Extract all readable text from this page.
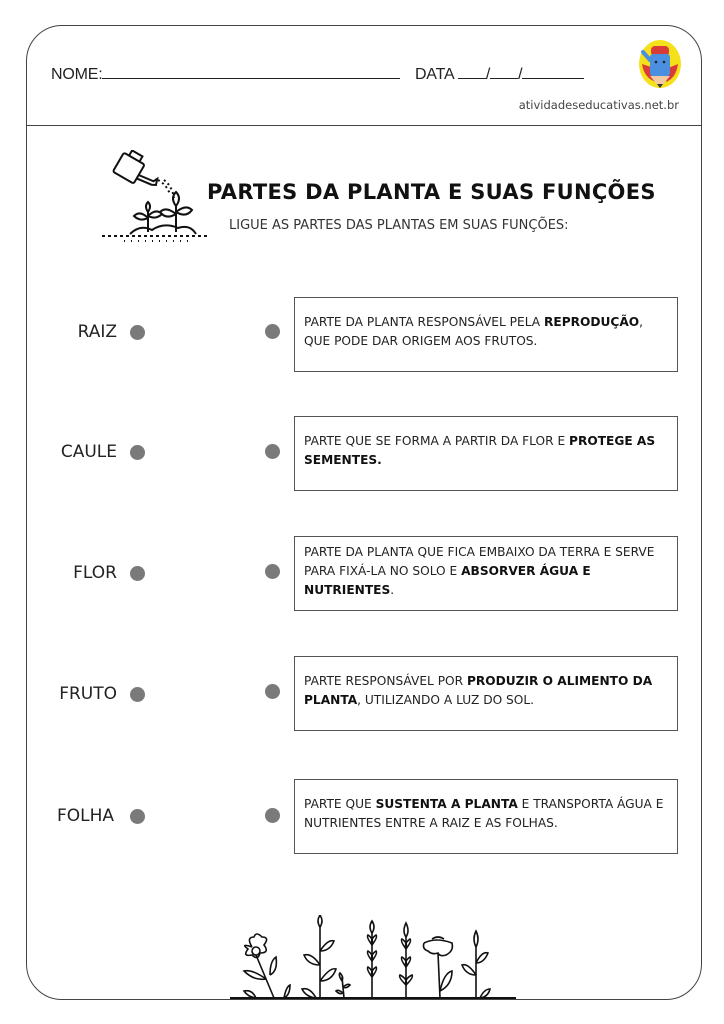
NOME:	DATA / /
atividadeseducativas.net.br
PARTES DA PLANTA E SUAS FUNÇÕES
LIGUE AS PARTES DAS PLANTAS EM SUAS FUNÇÕES:
RAIZ	PARTE DA PLANTA RESPONSÁVEL PELA REPRODUÇÃO, QUE PODE DAR ORIGEM AOS FRUTOS.
CAULE
PARTE QUE SE FORMA A PARTIR DA FLOR E PROTEGE AS SEMENTES.
FLOR
PARTE DA PLANTA QUE FICA EMBAIXO DA TERRA E SERVE PARA FIXÁ-LA NO SOLO E ABSORVER ÁGUA E NUTRIENTES.
FRUTO
PARTE RESPONSÁVEL POR PRODUZIR O ALIMENTO DA PLANTA, UTILIZANDO A LUZ DO SOL.
FOLHA
PARTE QUE SUSTENTA A PLANTA E TRANSPORTA ÁGUA E NUTRIENTES ENTRE A RAIZ E AS FOLHAS.
